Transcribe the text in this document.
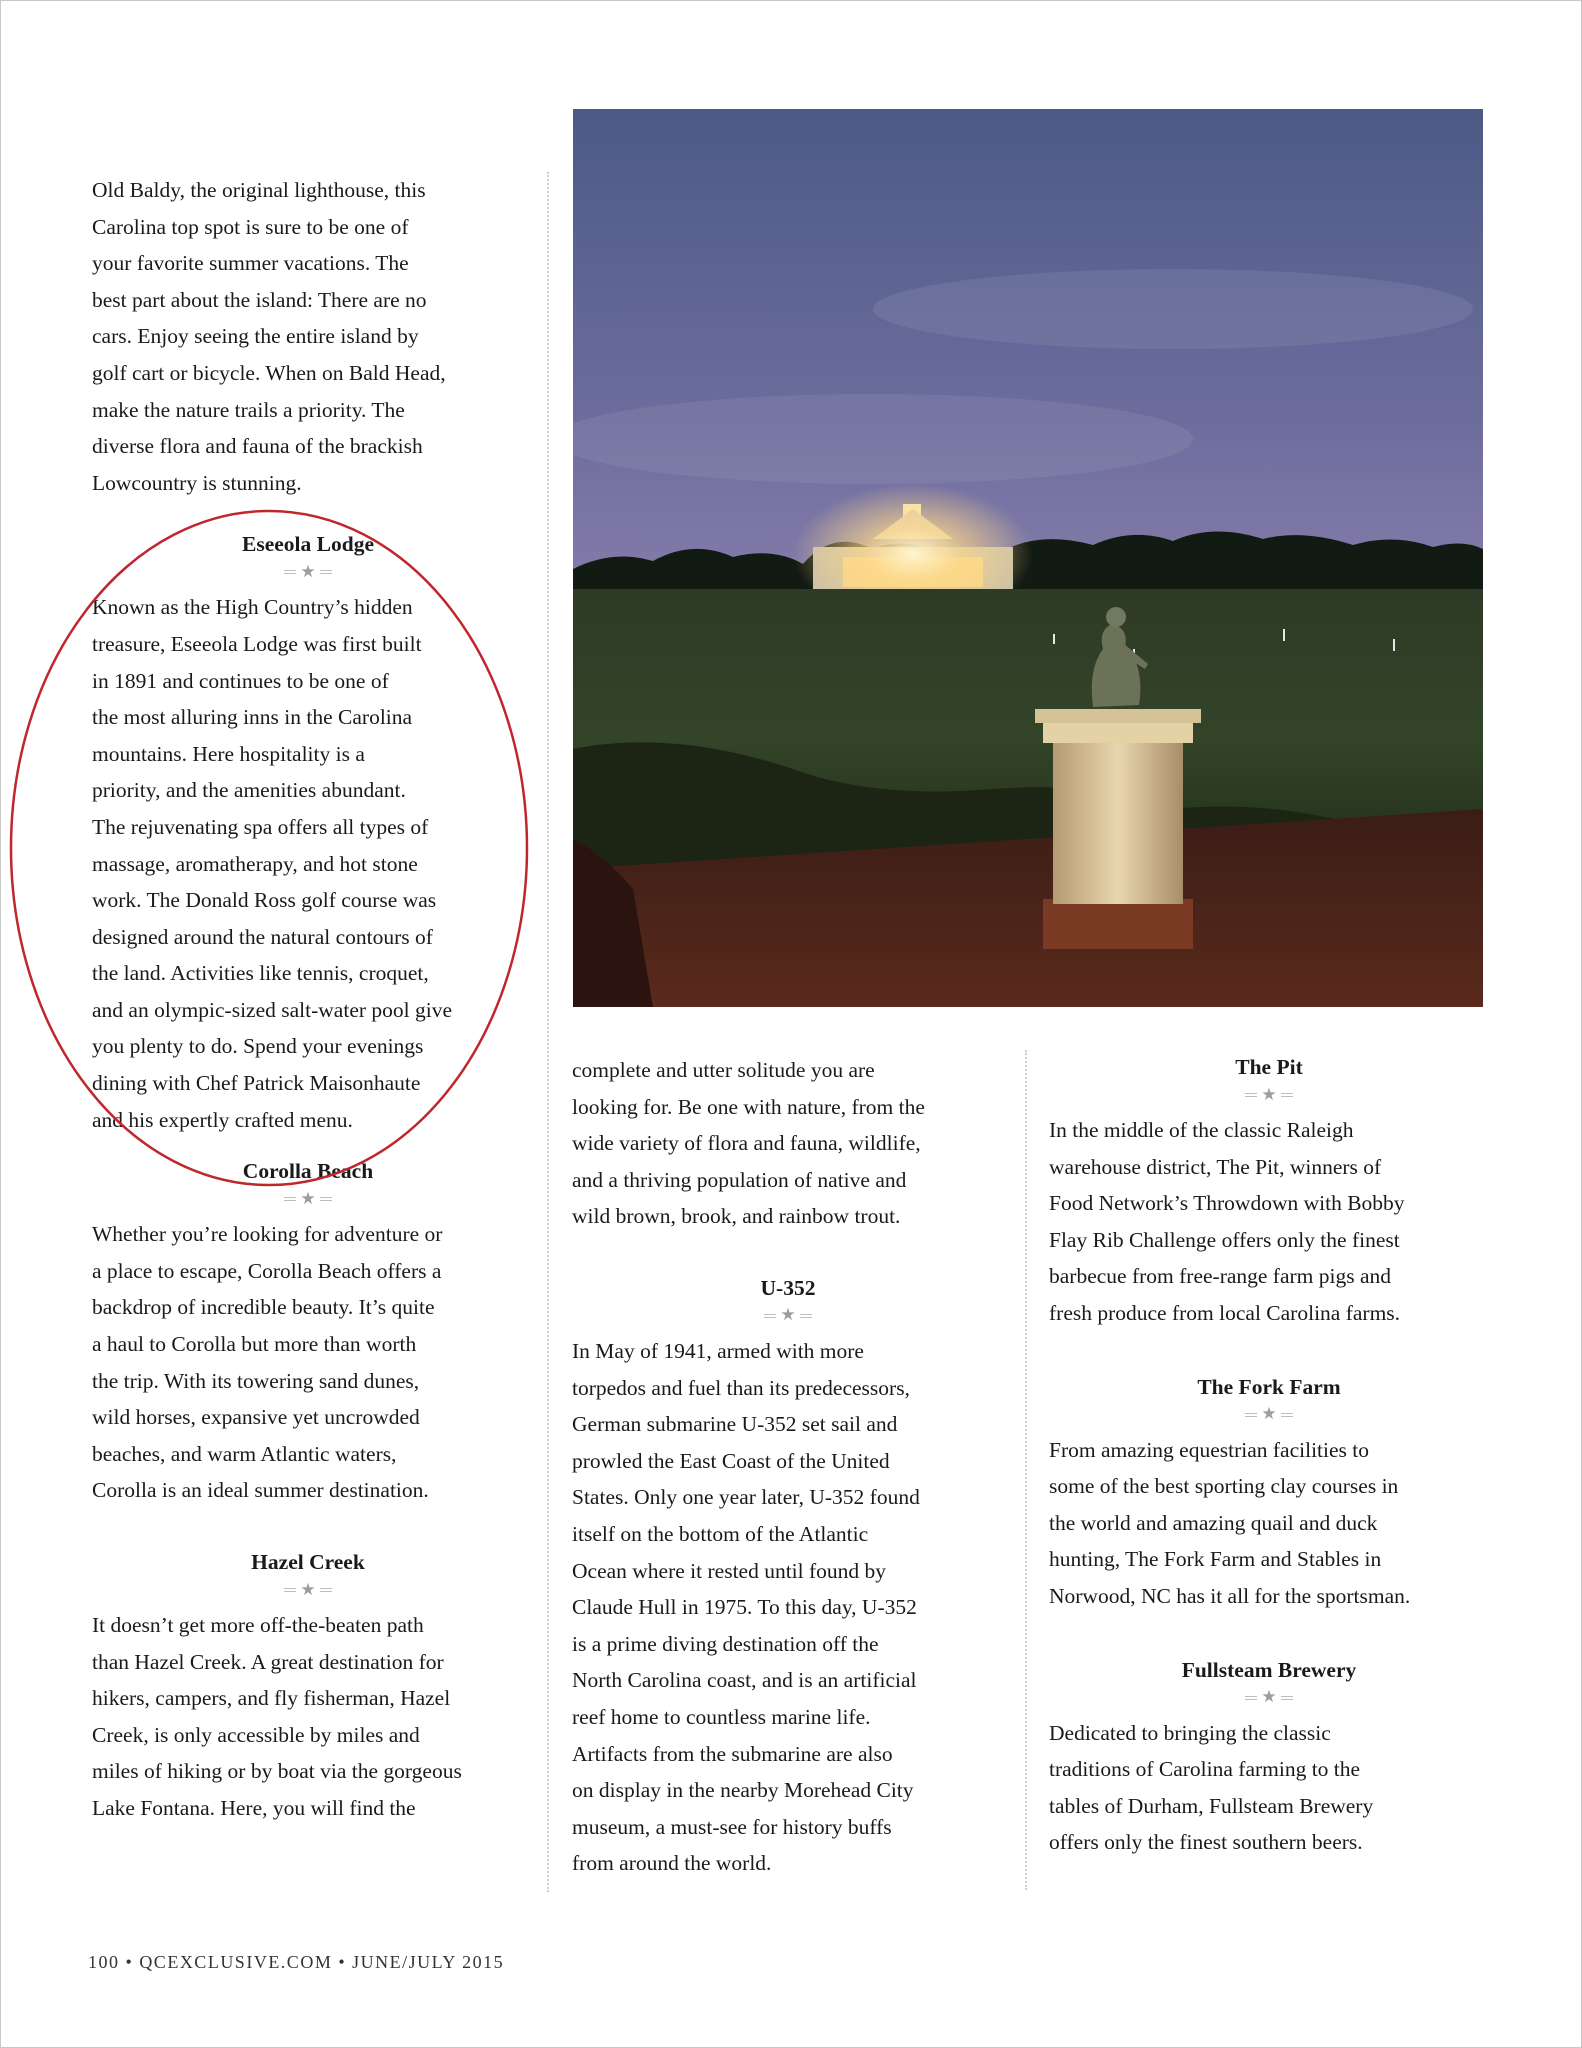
Old Baldy, the original lighthouse, this
Carolina top spot is sure to be one of
your favorite summer vacations. The
best part about the island: There are no
cars. Enjoy seeing the entire island by
golf cart or bicycle. When on Bald Head,
make the nature trails a priority. The
diverse flora and fauna of the brackish
Lowcountry is stunning.

Eseeola Lodge
★

Known as the High Country’s hidden
treasure, Eseeola Lodge was first built
in 1891 and continues to be one of
the most alluring inns in the Carolina
mountains. Here hospitality is a
priority, and the amenities abundant.
The rejuvenating spa offers all types of
massage, aromatherapy, and hot stone
work. The Donald Ross golf course was
designed around the natural contours of
the land. Activities like tennis, croquet,
and an olympic-sized salt-water pool give
you plenty to do. Spend your evenings
dining with Chef Patrick Maisonhaute
and his expertly crafted menu.

Corolla Beach
★

Whether you’re looking for adventure or
a place to escape, Corolla Beach offers a
backdrop of incredible beauty. It’s quite
a haul to Corolla but more than worth
the trip. With its towering sand dunes,
wild horses, expansive yet uncrowded
beaches, and warm Atlantic waters,
Corolla is an ideal summer destination.

Hazel Creek
★

It doesn’t get more off-the-beaten path
than Hazel Creek. A great destination for
hikers, campers, and fly fisherman, Hazel
Creek, is only accessible by miles and
miles of hiking or by boat via the gorgeous
Lake Fontana. Here, you will find the

complete and utter solitude you are
looking for. Be one with nature, from the
wide variety of flora and fauna, wildlife,
and a thriving population of native and
wild brown, brook, and rainbow trout.

U-352
★

In May of 1941, armed with more
torpedos and fuel than its predecessors,
German submarine U-352 set sail and
prowled the East Coast of the United
States. Only one year later, U-352 found
itself on the bottom of the Atlantic
Ocean where it rested until found by
Claude Hull in 1975. To this day, U-352
is a prime diving destination off the
North Carolina coast, and is an artificial
reef home to countless marine life.
Artifacts from the submarine are also
on display in the nearby Morehead City
museum, a must-see for history buffs
from around the world.

The Pit
★

In the middle of the classic Raleigh
warehouse district, The Pit, winners of
Food Network’s Throwdown with Bobby
Flay Rib Challenge offers only the finest
barbecue from free-range farm pigs and
fresh produce from local Carolina farms.

The Fork Farm
★

From amazing equestrian facilities to
some of the best sporting clay courses in
the world and amazing quail and duck
hunting, The Fork Farm and Stables in
Norwood, NC has it all for the sportsman.

Fullsteam Brewery
★

Dedicated to bringing the classic
traditions of Carolina farming to the
tables of Durham, Fullsteam Brewery
offers only the finest southern beers.

100 • QCEXCLUSIVE.COM • JUNE/JULY 2015
